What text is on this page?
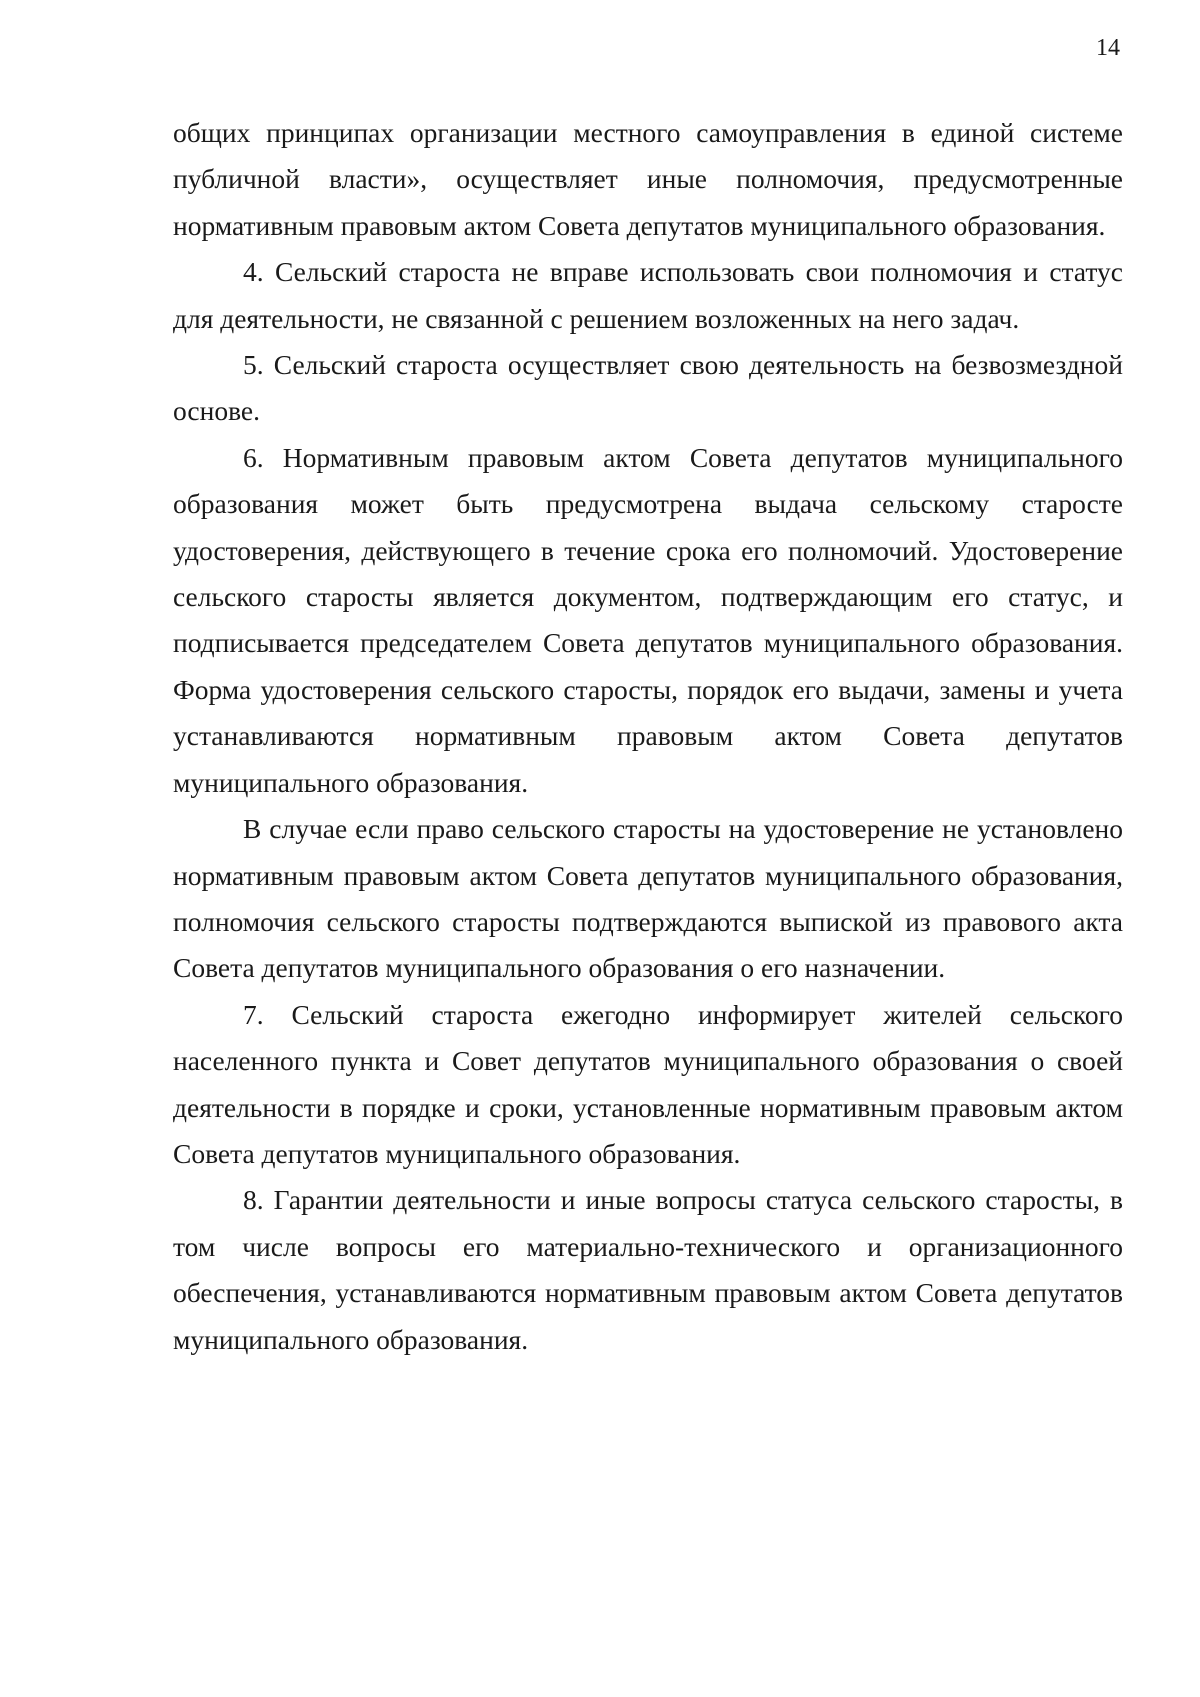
14

общих принципах организации местного самоуправления в единой системе публичной власти», осуществляет иные полномочия, предусмотренные нормативным правовым актом Совета депутатов муниципального образования.

4. Сельский староста не вправе использовать свои полномочия и статус для деятельности, не связанной с решением возложенных на него задач.

5. Сельский староста осуществляет свою деятельность на безвозмездной основе.

6. Нормативным правовым актом Совета депутатов муниципального образования может быть предусмотрена выдача сельскому старосте удостоверения, действующего в течение срока его полномочий. Удостоверение сельского старосты является документом, подтверждающим его статус, и подписывается председателем Совета депутатов муниципального образования. Форма удостоверения сельского старосты, порядок его выдачи, замены и учета устанавливаются нормативным правовым актом Совета депутатов муниципального образования.

В случае если право сельского старосты на удостоверение не установлено нормативным правовым актом Совета депутатов муниципального образования, полномочия сельского старосты подтверждаются выпиской из правового акта Совета депутатов муниципального образования о его назначении.

7. Сельский староста ежегодно информирует жителей сельского населенного пункта и Совет депутатов муниципального образования о своей деятельности в порядке и сроки, установленные нормативным правовым актом Совета депутатов муниципального образования.

8. Гарантии деятельности и иные вопросы статуса сельского старосты, в том числе вопросы его материально-технического и организационного обеспечения, устанавливаются нормативным правовым актом Совета депутатов муниципального образования.
